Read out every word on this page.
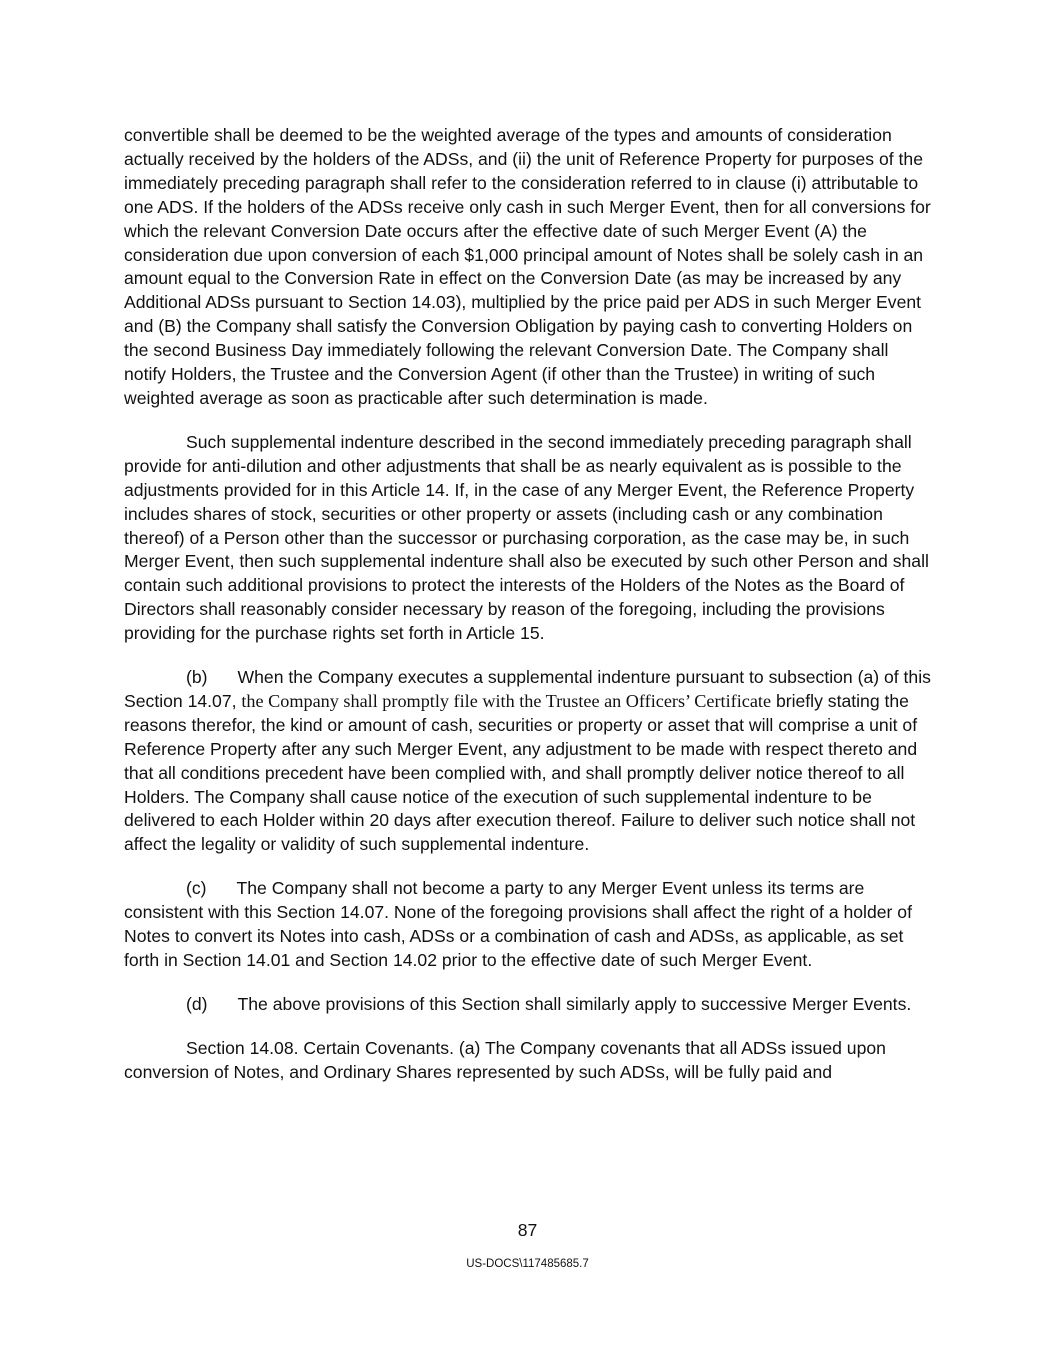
convertible shall be deemed to be the weighted average of the types and amounts of consideration actually received by the holders of the ADSs, and (ii) the unit of Reference Property for purposes of the immediately preceding paragraph shall refer to the consideration referred to in clause (i) attributable to one ADS. If the holders of the ADSs receive only cash in such Merger Event, then for all conversions for which the relevant Conversion Date occurs after the effective date of such Merger Event (A) the consideration due upon conversion of each $1,000 principal amount of Notes shall be solely cash in an amount equal to the Conversion Rate in effect on the Conversion Date (as may be increased by any Additional ADSs pursuant to Section 14.03), multiplied by the price paid per ADS in such Merger Event and (B) the Company shall satisfy the Conversion Obligation by paying cash to converting Holders on the second Business Day immediately following the relevant Conversion Date. The Company shall notify Holders, the Trustee and the Conversion Agent (if other than the Trustee) in writing of such weighted average as soon as practicable after such determination is made.

Such supplemental indenture described in the second immediately preceding paragraph shall provide for anti-dilution and other adjustments that shall be as nearly equivalent as is possible to the adjustments provided for in this Article 14. If, in the case of any Merger Event, the Reference Property includes shares of stock, securities or other property or assets (including cash or any combination thereof) of a Person other than the successor or purchasing corporation, as the case may be, in such Merger Event, then such supplemental indenture shall also be executed by such other Person and shall contain such additional provisions to protect the interests of the Holders of the Notes as the Board of Directors shall reasonably consider necessary by reason of the foregoing, including the provisions providing for the purchase rights set forth in Article 15.

(b) When the Company executes a supplemental indenture pursuant to subsection (a) of this Section 14.07, the Company shall promptly file with the Trustee an Officers’ Certificate briefly stating the reasons therefor, the kind or amount of cash, securities or property or asset that will comprise a unit of Reference Property after any such Merger Event, any adjustment to be made with respect thereto and that all conditions precedent have been complied with, and shall promptly deliver notice thereof to all Holders. The Company shall cause notice of the execution of such supplemental indenture to be delivered to each Holder within 20 days after execution thereof. Failure to deliver such notice shall not affect the legality or validity of such supplemental indenture.

(c) The Company shall not become a party to any Merger Event unless its terms are consistent with this Section 14.07. None of the foregoing provisions shall affect the right of a holder of Notes to convert its Notes into cash, ADSs or a combination of cash and ADSs, as applicable, as set forth in Section 14.01 and Section 14.02 prior to the effective date of such Merger Event.

(d) The above provisions of this Section shall similarly apply to successive Merger Events.

Section 14.08. Certain Covenants. (a) The Company covenants that all ADSs issued upon conversion of Notes, and Ordinary Shares represented by such ADSs, will be fully paid and

87
US-DOCS\117485685.7
